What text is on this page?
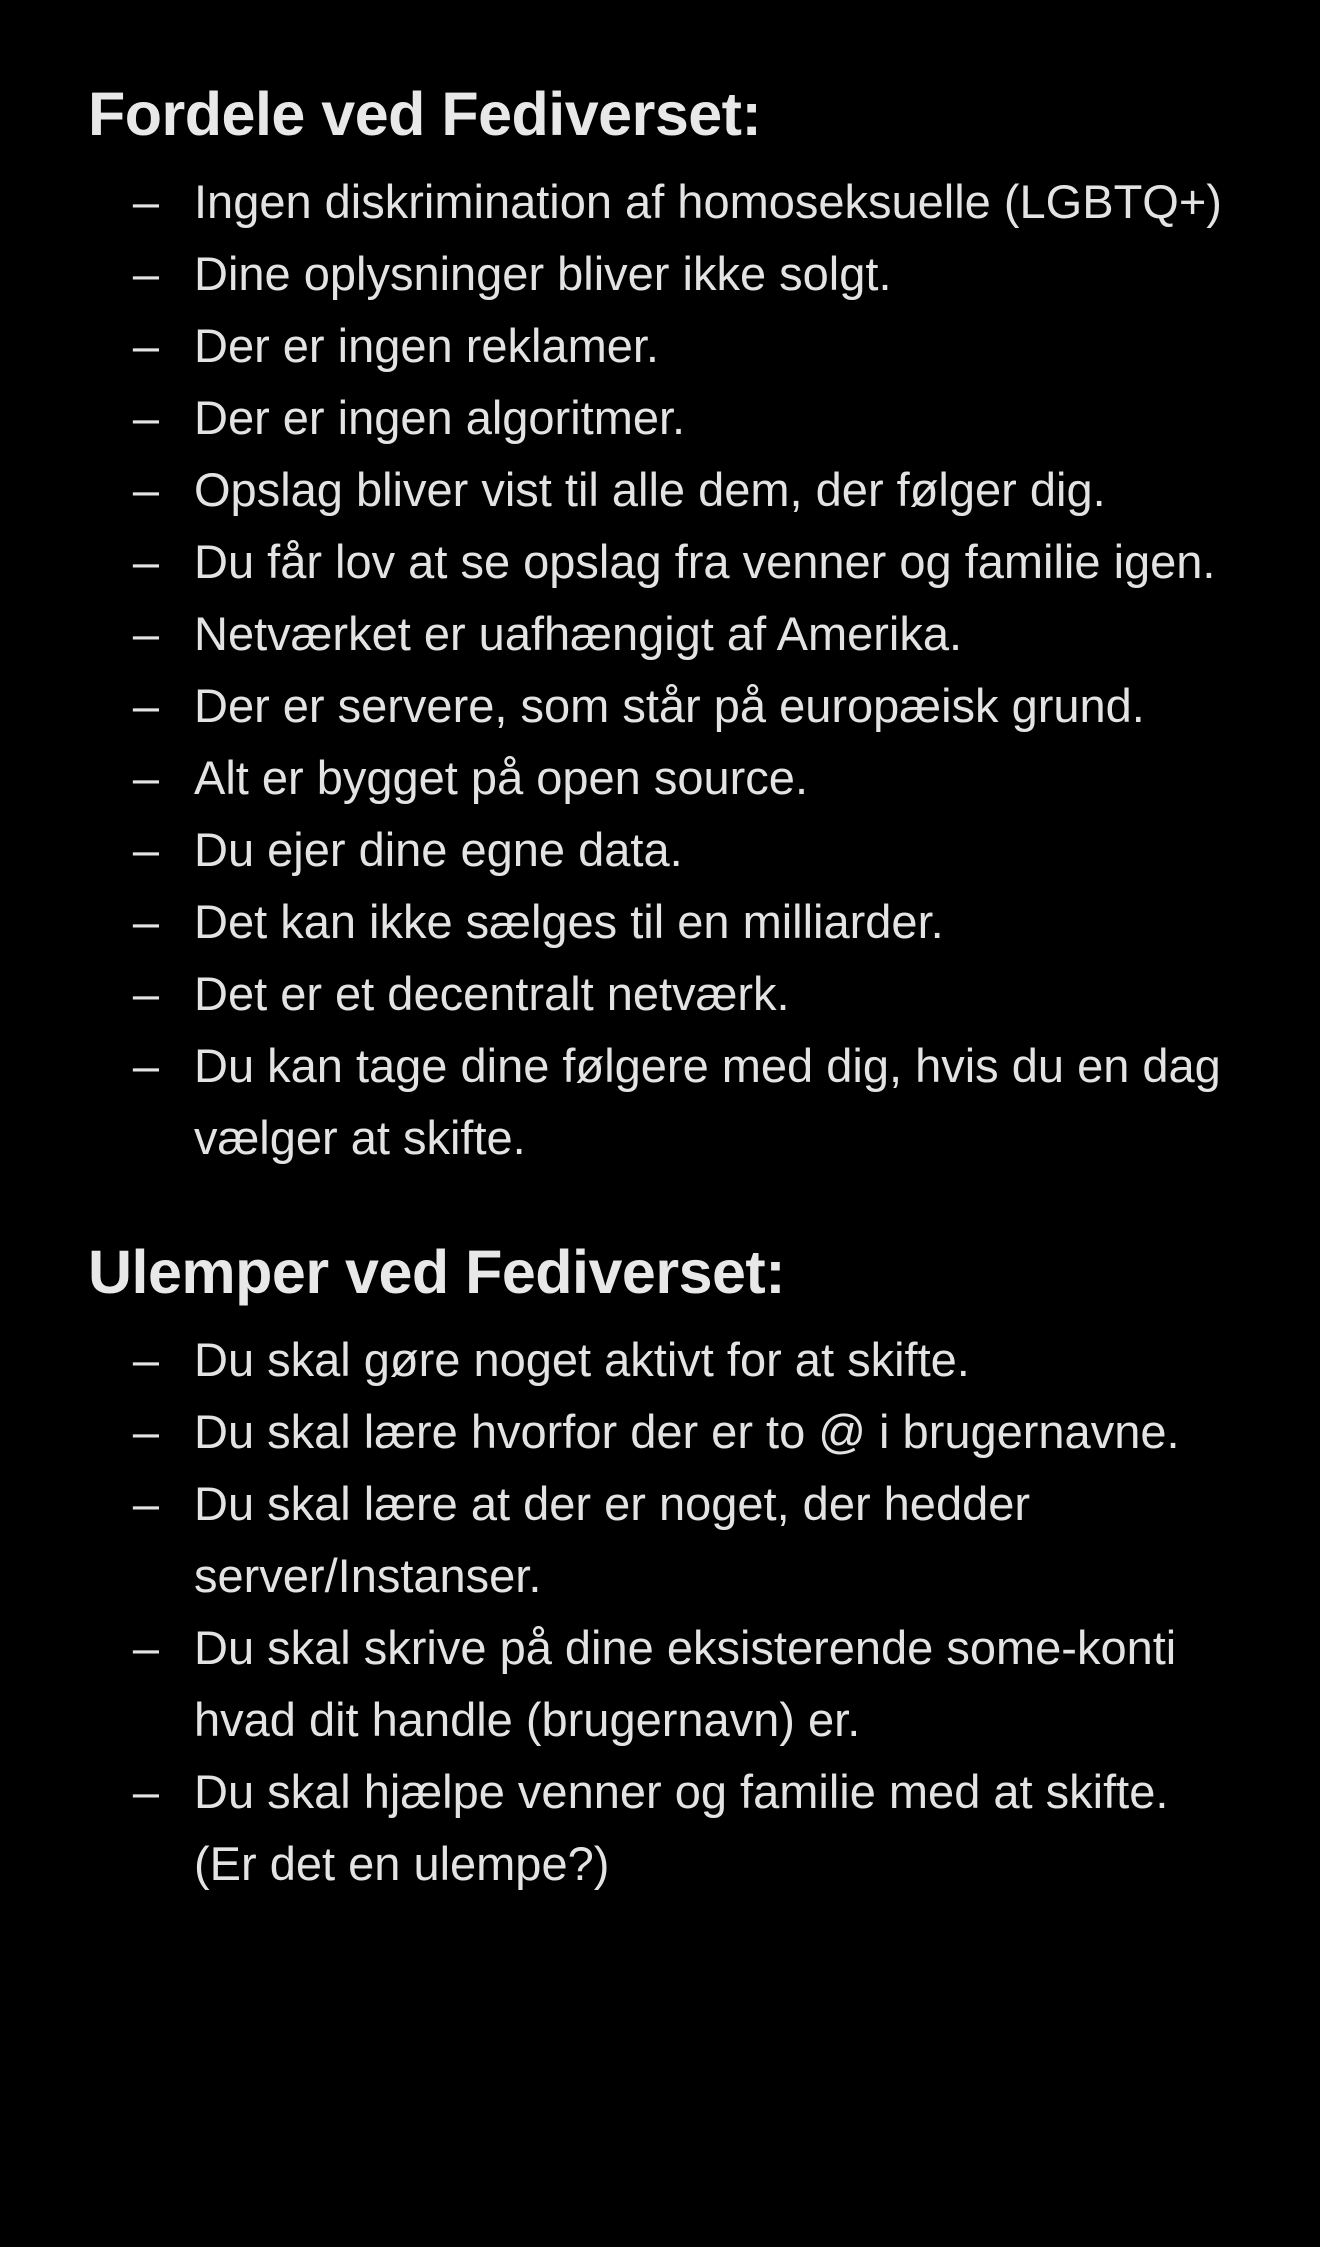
Fordele ved Fediverset:
– Ingen diskrimination af homoseksuelle (LGBTQ+)
– Dine oplysninger bliver ikke solgt.
– Der er ingen reklamer.
– Der er ingen algoritmer.
– Opslag bliver vist til alle dem, der følger dig.
– Du får lov at se opslag fra venner og familie igen.
– Netværket er uafhængigt af Amerika.
– Der er servere, som står på europæisk grund.
– Alt er bygget på open source.
– Du ejer dine egne data.
– Det kan ikke sælges til en milliarder.
– Det er et decentralt netværk.
– Du kan tage dine følgere med dig, hvis du en dag vælger at skifte.
Ulemper ved Fediverset:
– Du skal gøre noget aktivt for at skifte.
– Du skal lære hvorfor der er to @ i brugernavne.
– Du skal lære at der er noget, der hedder server/Instanser.
– Du skal skrive på dine eksisterende some-konti hvad dit handle (brugernavn) er.
– Du skal hjælpe venner og familie med at skifte. (Er det en ulempe?)
